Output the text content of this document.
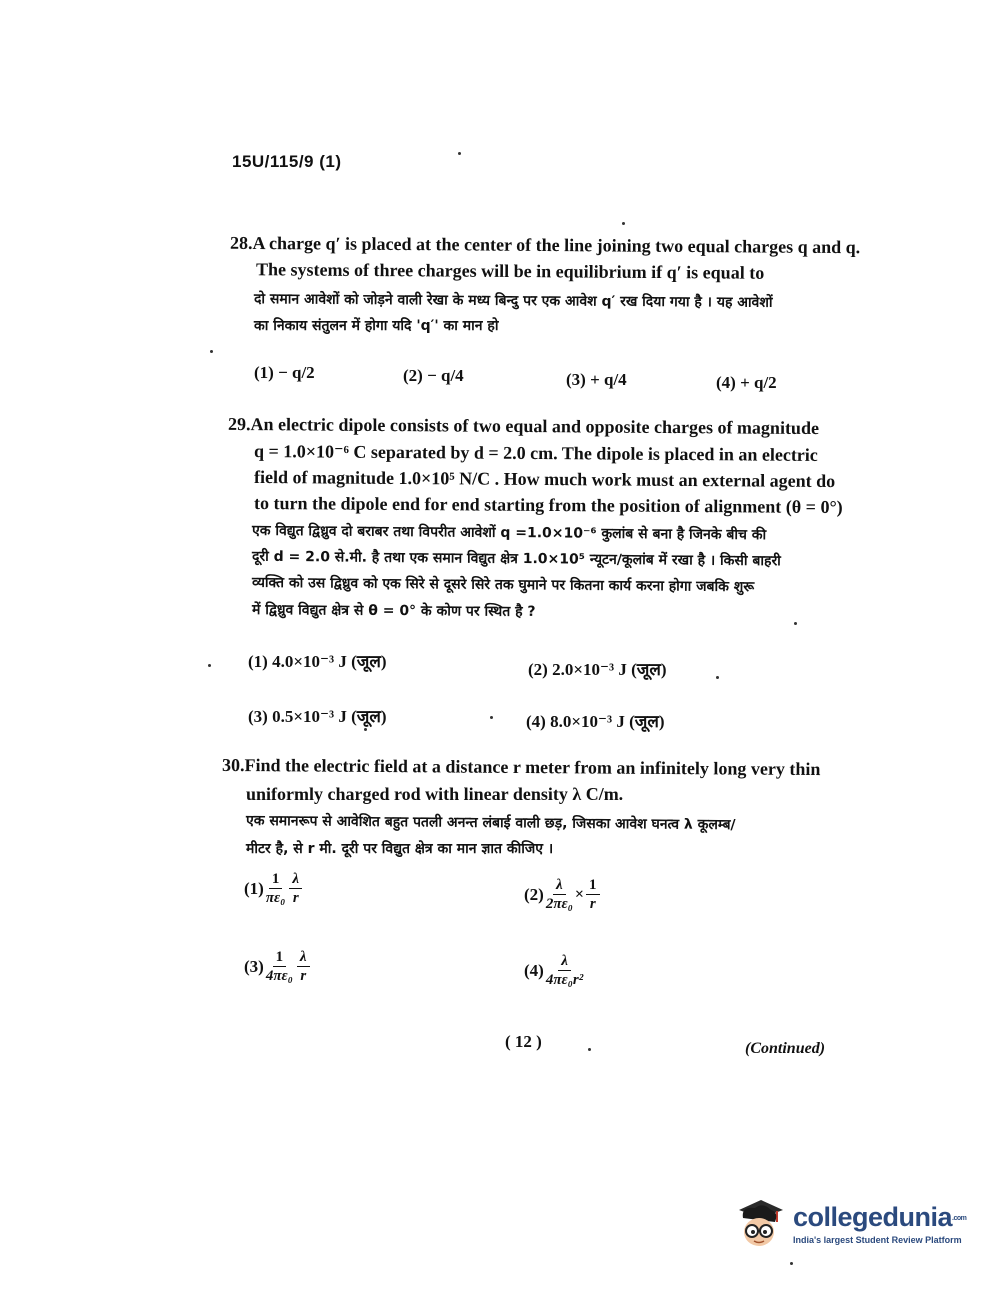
15U/115/9 (1)
28.A charge q′ is placed at the center of the line joining two equal charges q and q.
The systems of three charges will be in equilibrium if q′ is equal to
दो समान आवेशों को जोड़ने वाली रेखा के मध्य बिन्दु पर एक आवेश q′ रख दिया गया है । यह आवेशों
का निकाय संतुलन में होगा यदि 'q′' का मान हो
(1) − q/2	(2) − q/4	(3) + q/4	(4) + q/2
29.An electric dipole consists of two equal and opposite charges of magnitude
q = 1.0×10⁻⁶ C separated by d = 2.0 cm. The dipole is placed in an electric
field of magnitude 1.0×10⁵ N/C . How much work must an external agent do
to turn the dipole end for end starting from the position of alignment (θ = 0°)
एक विद्युत द्विध्रुव दो बराबर तथा विपरीत आवेशों q =1.0×10⁻⁶ कुलांब से बना है जिनके बीच की
दूरी d = 2.0 से.मी. है तथा एक समान विद्युत क्षेत्र 1.0×10⁵ न्यूटन/कूलांब में रखा है । किसी बाहरी
व्यक्ति को उस द्विध्रुव को एक सिरे से दूसरे सिरे तक घुमाने पर कितना कार्य करना होगा जबकि शुरू
में द्विध्रुव विद्युत क्षेत्र से θ = 0° के कोण पर स्थित है ?
(1) 4.0×10⁻³ J (जूल)	(2) 2.0×10⁻³ J (जूल)
(3) 0.5×10⁻³ J (जूल)	(4) 8.0×10⁻³ J (जूल)
30.Find the electric field at a distance r meter from an infinitely long very thin
uniformly charged rod with linear density λ C/m.
एक समानरूप से आवेशित बहुत पतली अनन्त लंबाई वाली छड़, जिसका आवेश घनत्व λ कूलम्ब/
मीटर है, से r मी. दूरी पर विद्युत क्षेत्र का मान ज्ञात कीजिए ।
$(1) \frac{1}{\text{πε₀}} \frac{\lambda}{r}$	$(2) \frac{\lambda}{\text{2πε₀}} \times \frac{1}{r}$
$(3) \frac{1}{\text{4πε₀}} \frac{\lambda}{r}$	$(4) \frac{\lambda}{\text{4πε₀r²}}$
( 12 )	(Continued)
collegedunia.com
India's largest Student Review Platform
